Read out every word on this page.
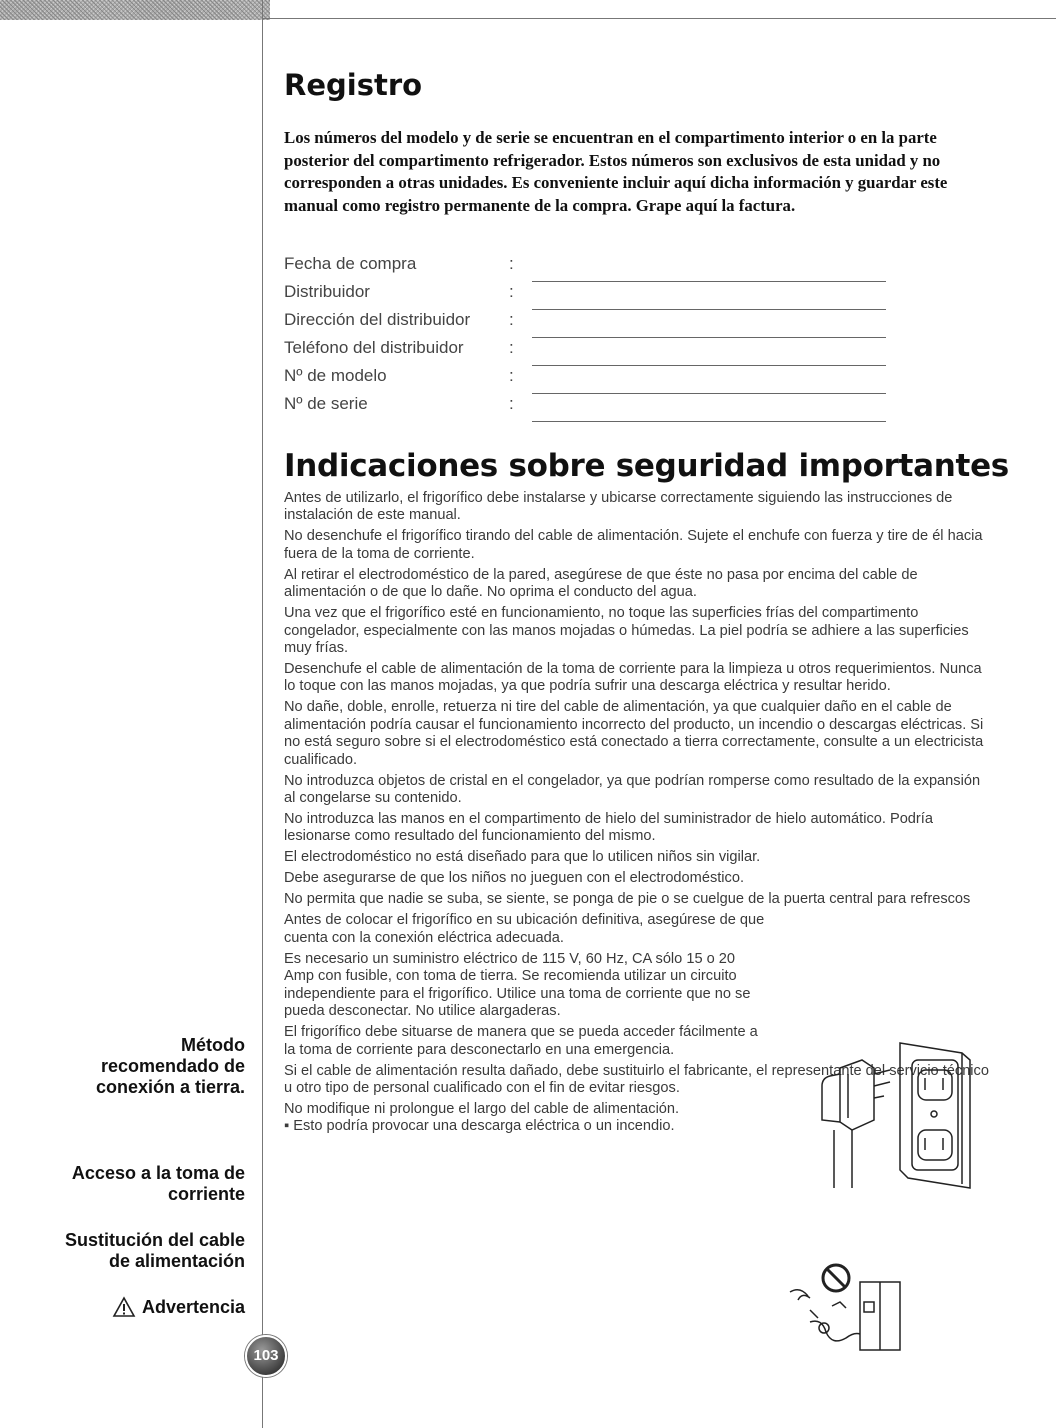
Registro

Los números del modelo y de serie se encuentran en el compartimento interior o en la parte posterior del compartimento refrigerador. Estos números son exclusivos de esta unidad y no corresponden a otras unidades. Es conveniente incluir aquí dicha información y guardar este manual como registro permanente de la compra. Grape aquí la factura.

Fecha de compra	:
Distribuidor	:
Dirección del distribuidor :
Teléfono del distribuidor	:
Nº de modelo	:
Nº de serie	:
Indicaciones sobre seguridad importantes

Antes de utilizarlo, el frigorífico debe instalarse y ubicarse correctamente siguiendo las instrucciones de instalación de este manual.

No desenchufe el frigorífico tirando del cable de alimentación. Sujete el enchufe con fuerza y tire de él hacia fuera de la toma de corriente.

Al retirar el electrodoméstico de la pared, asegúrese de que éste no pasa por encima del cable de alimentación o de que lo dañe. No oprima el conducto del agua.

Una vez que el frigorífico esté en funcionamiento, no toque las superficies frías del compartimento congelador, especialmente con las manos mojadas o húmedas. La piel podría se adhiere a las superficies muy frías.

Desenchufe el cable de alimentación de la toma de corriente para la limpieza u otros requerimientos. Nunca lo toque con las manos mojadas, ya que podría sufrir una descarga eléctrica y resultar herido.

No dañe, doble, enrolle, retuerza ni tire del cable de alimentación, ya que cualquier daño en el cable de alimentación podría causar el funcionamiento incorrecto del producto, un incendio o descargas eléctricas. Si no está seguro sobre si el electrodoméstico está conectado a tierra correctamente, consulte a un electricista cualificado.

No introduzca objetos de cristal en el congelador, ya que podrían romperse como resultado de la expansión al congelarse su contenido.

No introduzca las manos en el compartimento de hielo del suministrador de hielo automático. Podría lesionarse como resultado del funcionamiento del mismo.

El electrodoméstico no está diseñado para que lo utilicen niños sin vigilar.

Debe asegurarse de que los niños no jueguen con el electrodoméstico.

No permita que nadie se suba, se siente, se ponga de pie o se cuelgue de la puerta central para refrescos

Antes de colocar el frigorífico en su ubicación definitiva, asegúrese de que cuenta con la conexión eléctrica adecuada.

Es necesario un suministro eléctrico de 115 V, 60 Hz, CA sólo 15 o 20 Amp con fusible, con toma de tierra. Se recomienda utilizar un circuito independiente para el frigorífico. Utilice una toma de corriente que no se pueda desconectar. No utilice alargaderas.

El frigorífico debe situarse de manera que se pueda acceder fácilmente a la toma de corriente para desconectarlo en una emergencia.

Si el cable de alimentación resulta dañado, debe sustituirlo el fabricante, el representante del servicio técnico u otro tipo de personal cualificado con el fin de evitar riesgos.

No modifique ni prolongue el largo del cable de alimentación.

▪ Esto podría provocar una descarga eléctrica o un incendio.

Método
recomendado de
conexión a tierra.
Acceso a la toma de
corriente
Sustitución del cable
de alimentación
Advertencia
103
